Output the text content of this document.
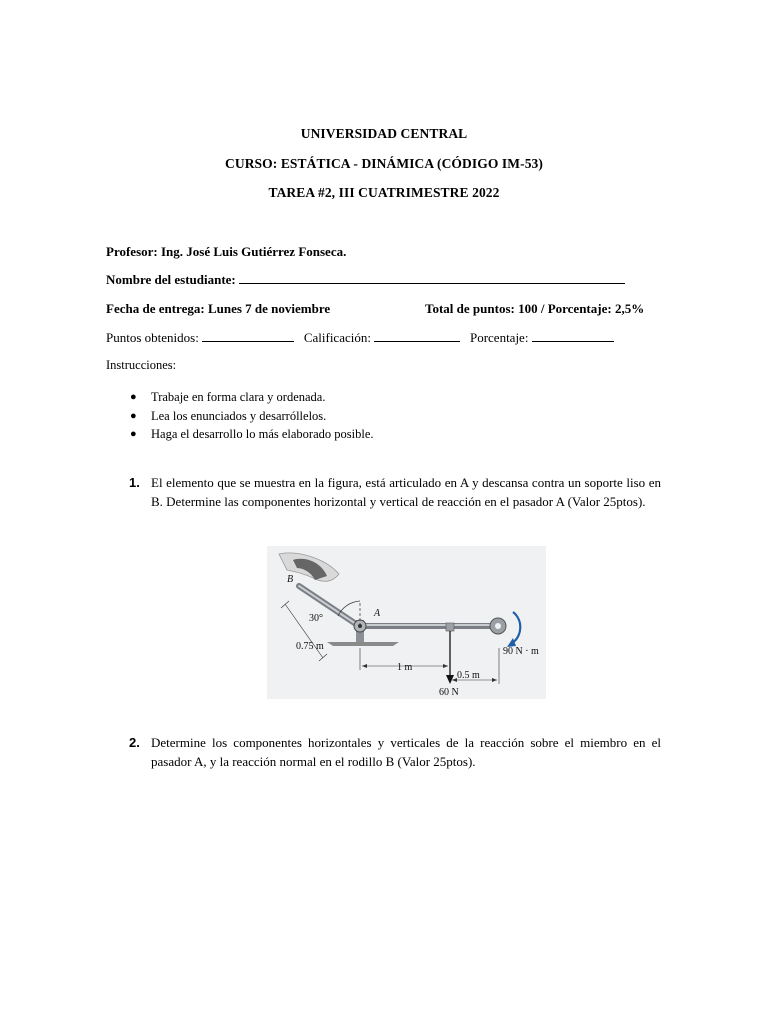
UNIVERSIDAD CENTRAL
CURSO: ESTÁTICA - DINÁMICA (CÓDIGO IM-53)
TAREA #2, III CUATRIMESTRE 2022
Profesor: Ing. José Luis Gutiérrez Fonseca.
Nombre del estudiante:
Fecha de entrega: Lunes 7 de noviembre	Total de puntos: 100 / Porcentaje: 2,5%
Puntos obtenidos:	Calificación:	Porcentaje:
Instrucciones:
● Trabaje en forma clara y ordenada.
● Lea los enunciados y desarróllelos.
● Haga el desarrollo lo más elaborado posible.
1. El elemento que se muestra en la figura, está articulado en A y descansa contra un soporte liso en B. Determine las componentes horizontal y vertical de reacción en el pasador A (Valor 25ptos).
B
A
30°
0.75 m
1 m
0.5 m
60 N
90 N · m
2. Determine los componentes horizontales y verticales de la reacción sobre el miembro en el pasador A, y la reacción normal en el rodillo B (Valor 25ptos).
